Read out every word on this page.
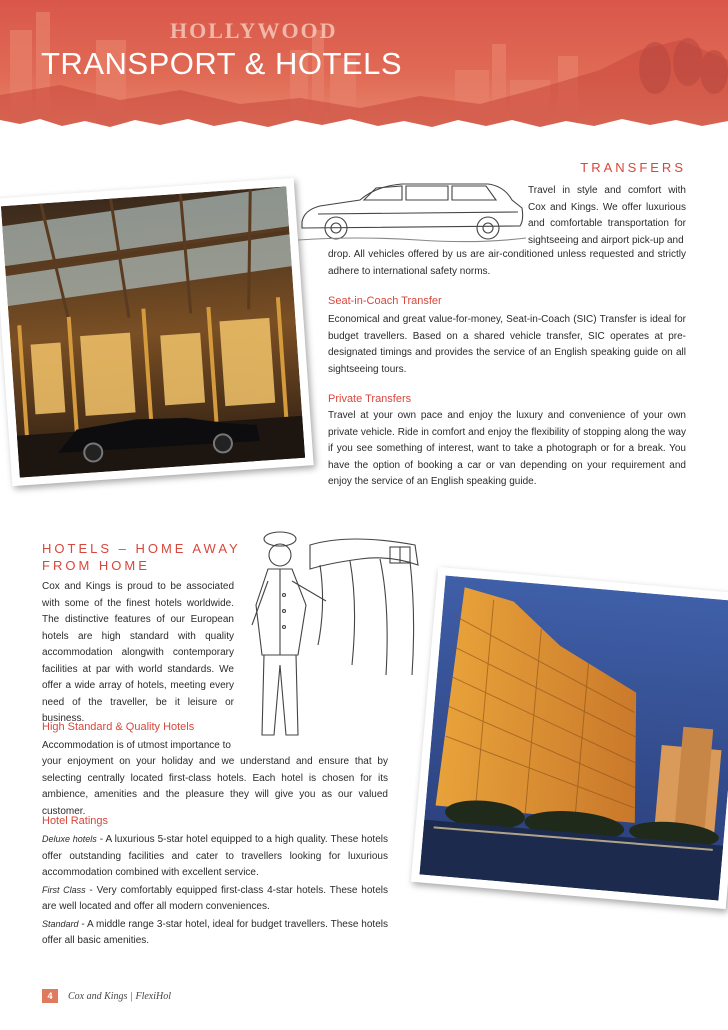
HOLLYWOOD
TRANSPORT & HOTELS
TRANSFERS

Travel in style and comfort with Cox and Kings. We offer luxurious and comfortable transportation for sightseeing and airport pick-up and

drop. All vehicles offered by us are air-conditioned unless requested and strictly adhere to international safety norms.

Seat-in-Coach Transfer

Economical and great value-for-money, Seat-in-Coach (SIC) Transfer is ideal for budget travellers. Based on a shared vehicle transfer, SIC operates at pre-designated timings and provides the service of an English speaking guide on all sightseeing tours.

Private Transfers

Travel at your own pace and enjoy the luxury and convenience of your own private vehicle. Ride in comfort and enjoy the flexibility of stopping along the way if you see something of interest, want to take a photograph or for a break. You have the option of booking a car or van depending on your requirement and enjoy the service of an English speaking guide.

HOTELS – HOME AWAY FROM HOME

Cox and Kings is proud to be associated with some of the finest hotels worldwide. The distinctive features of our European hotels are high standard with quality accommodation alongwith contemporary facilities at par with world standards. We offer a wide array of hotels, meeting every need of the traveller, be it leisure or business.

High Standard & Quality Hotels

Accommodation is of utmost importance to

your enjoyment on your holiday and we understand and ensure that by selecting centrally located first-class hotels. Each hotel is chosen for its ambience, amenities and the pleasure they will give you as our valued customer.

Hotel Ratings

Deluxe hotels - A luxurious 5-star hotel equipped to a high quality. These hotels offer outstanding facilities and cater to travellers looking for luxurious accommodation combined with excellent service.

First Class - Very comfortably equipped first-class 4-star hotels. These hotels are well located and offer all modern conveniences.

Standard - A middle range 3-star hotel, ideal for budget travellers. These hotels offer all basic amenities.

4	Cox and Kings | FlexiHol
